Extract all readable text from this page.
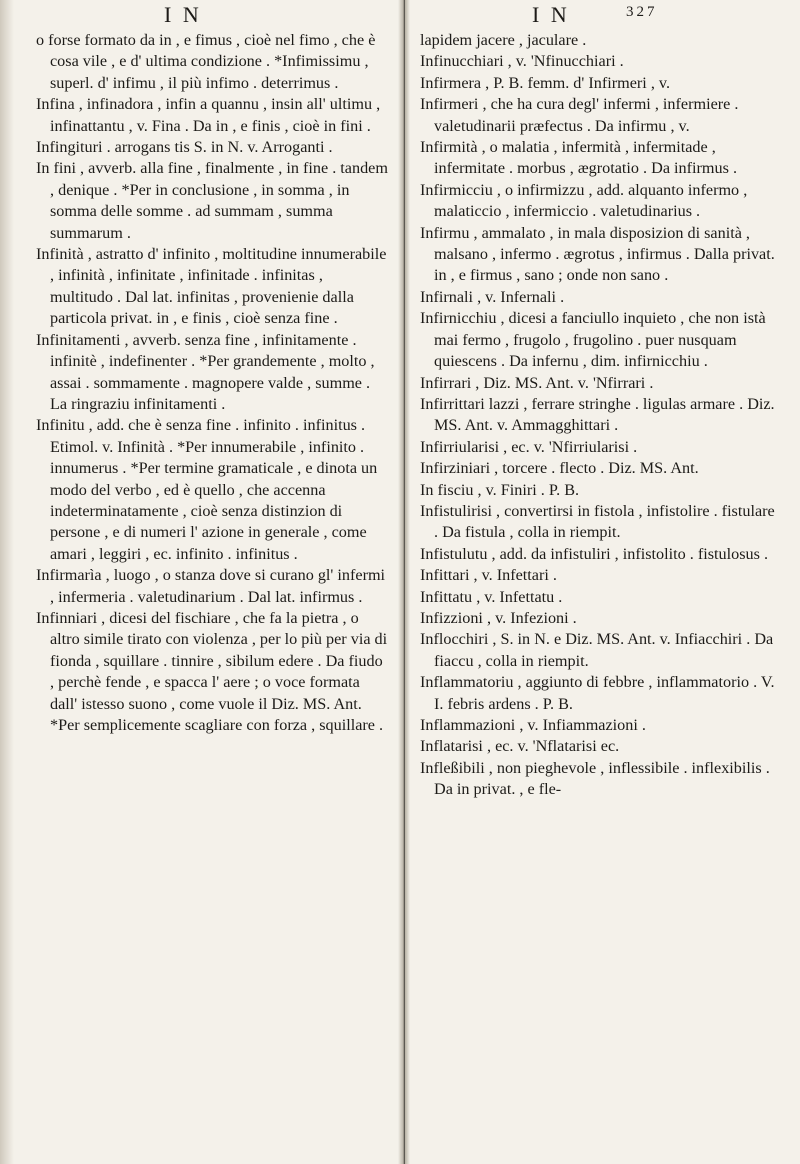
I N

o forse formato da in , e fimus , cioè nel fimo , che è cosa vile , e d' ultima condizione . *Infimissimu , superl. d' infimu , il più infimo . deterrimus .

Infina , infinadora , infin a quannu , insin all' ultimu , infinattantu , v. Fina . Da in , e finis , cioè in fini .

Infingituri . arrogans tis S. in N. v. Arroganti .

In fini , avverb. alla fine , finalmente , in fine . tandem , denique . *Per in conclusione , in somma , in somma delle somme . ad summam , summa summarum .

Infinità , astratto d' infinito , moltitudine innumerabile , infinità , infinitate , infinitade . infinitas , multitudo . Dal lat. infinitas , provenienie dalla particola privat. in , e finis , cioè senza fine .

Infinitamenti , avverb. senza fine , infinitamente . infinitè , indefinenter . *Per grandemente , molto , assai . sommamente . magnopere valde , summe . La ringraziu infinitamenti .

Infinitu , add. che è senza fine . infinito . infinitus . Etimol. v. Infinità . *Per innumerabile , infinito . innumerus . *Per termine gramaticale , e dinota un modo del verbo , ed è quello , che accenna indeterminatamente , cioè senza distinzion di persone , e di numeri l' azione in generale , come amari , leggiri , ec. infinito . infinitus .

Infirmarìa , luogo , o stanza dove si curano gl' infermi , infermeria . valetudinarium . Dal lat. infirmus .

Infinniari , dicesi del fischiare , che fa la pietra , o altro simile tirato con violenza , per lo più per via di fionda , squillare . tinnire , sibilum edere . Da fiudo , perchè fende , e spacca l' aere ; o voce formata dall' istesso suono , come vuole il Diz. MS. Ant. *Per semplicemente scagliare con forza , squillare .

I N	327

lapidem jacere , jaculare .

Infinucchiari , v. 'Nfinucchiari .

Infirmera , P. B. femm. d' Infirmeri , v.

Infirmeri , che ha cura degl' infermi , infermiere . valetudinarii præfectus . Da infirmu , v.

Infirmità , o malatia , infermità , infermitade , infermitate . morbus , ægrotatio . Da infirmus .

Infirmicciu , o infirmizzu , add. alquanto infermo , malaticcio , infermiccio . valetudinarius .

Infirmu , ammalato , in mala disposizion di sanità , malsano , infermo . ægrotus , infirmus . Dalla privat. in , e firmus , sano ; onde non sano .

Infirnali , v. Infernali .

Infirnicchiu , dicesi a fanciullo inquieto , che non istà mai fermo , frugolo , frugolino . puer nusquam quiescens . Da infernu , dim. infirnicchiu .

Infirrari , Diz. MS. Ant. v. 'Nfirrari .

Infirrittari lazzi , ferrare stringhe . ligulas armare . Diz. MS. Ant. v. Ammagghittari .

Infirriularisi , ec. v. 'Nfirriularisi .

Infirziniari , torcere . flecto . Diz. MS. Ant.

In fisciu , v. Finiri . P. B.

Infistulirisi , convertirsi in fistola , infistolire . fistulare . Da fistula , colla in riempit.

Infistulutu , add. da infistuliri , infistolito . fistulosus .

Infittari , v. Infettari .

Infittatu , v. Infettatu .

Infizzioni , v. Infezioni .

Inflocchiri , S. in N. e Diz. MS. Ant. v. Infiacchiri . Da fiaccu , colla in riempit.

Inflammatoriu , aggiunto di febbre , inflammatorio . V. I. febris ardens . P. B.

Inflammazioni , v. Infiammazioni .

Inflatarisi , ec. v. 'Nflatarisi ec.

Infleßibili , non pieghevole , inflessibile . inflexibilis . Da in privat. , e fle-
